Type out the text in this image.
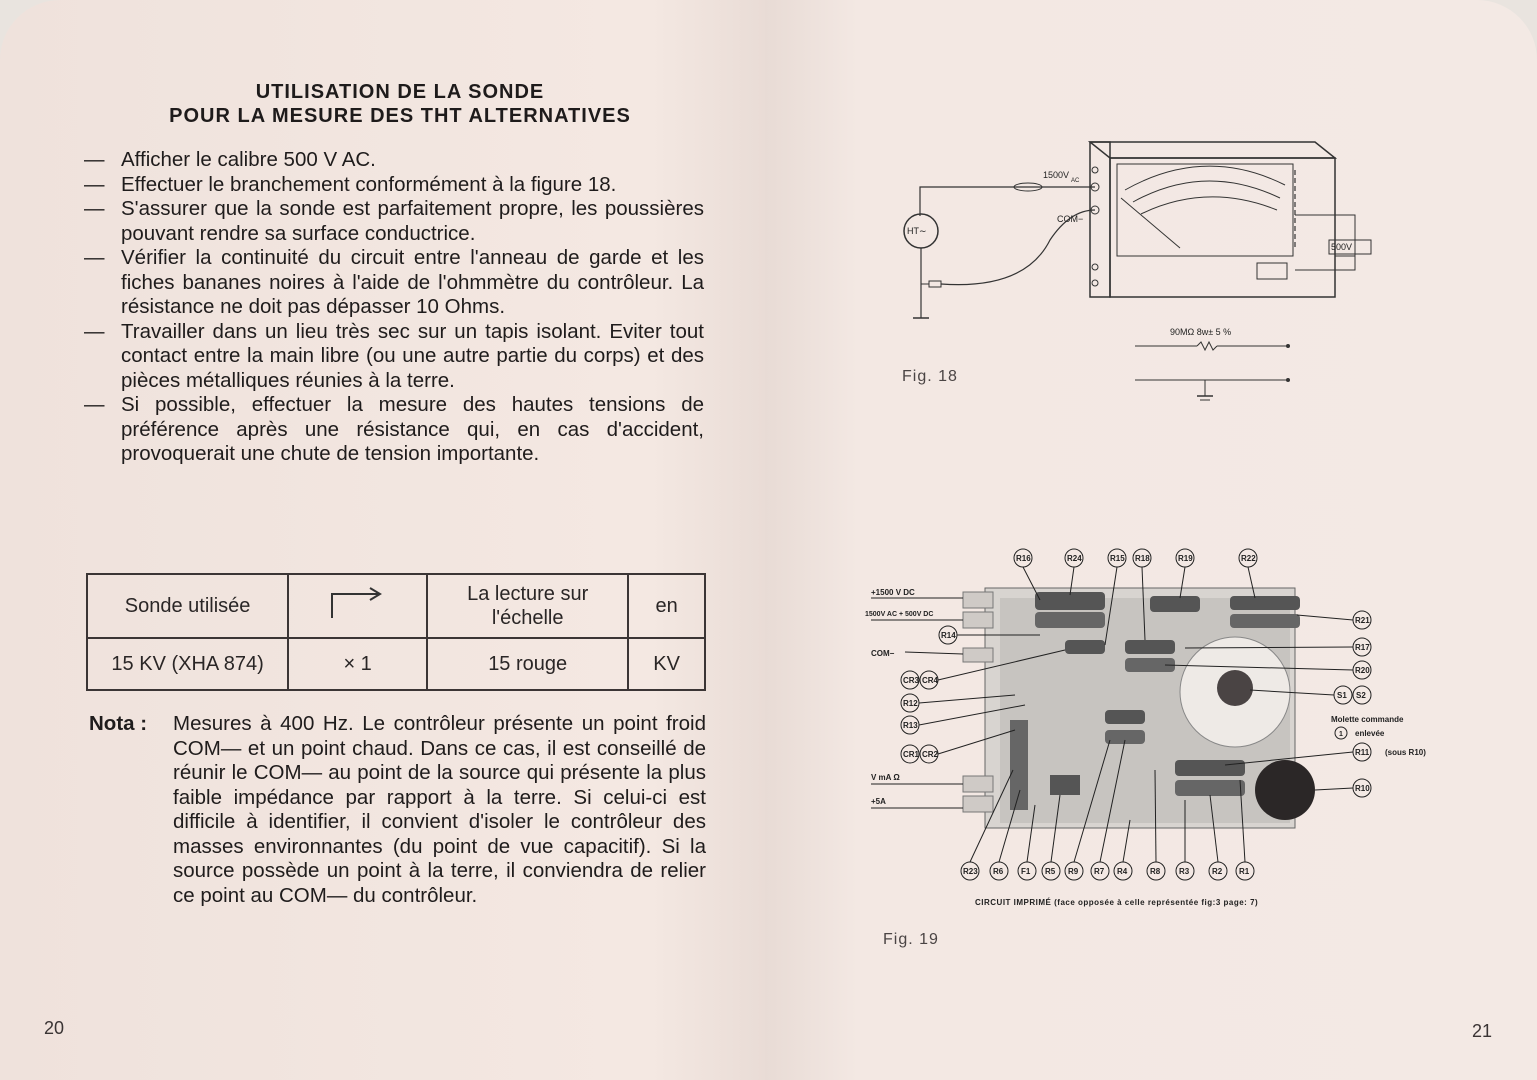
UTILISATION DE LA SONDE
POUR LA MESURE DES THT ALTERNATIVES
— Afficher le calibre 500 V AC.
— Effectuer le branchement conformément à la figure 18.
— S'assurer que la sonde est parfaitement propre, les poussières pouvant rendre sa surface conductrice.
— Vérifier la continuité du circuit entre l'anneau de garde et les fiches bananes noires à l'aide de l'ohmmètre du contrôleur. La résistance ne doit pas dépasser 10 Ohms.
— Travailler dans un lieu très sec sur un tapis isolant. Eviter tout contact entre la main libre (ou une autre partie du corps) et des pièces métalliques réunies à la terre.
— Si possible, effectuer la mesure des hautes tensions de préférence après une résistance qui, en cas d'accident, provoquerait une chute de tension importante.
Sonde utilisée		La lecture sur l'échelle	en
15 KV (XHA 874)	× 1	15 rouge	KV
Nota : Mesures à 400 Hz. Le contrôleur présente un point froid COM— et un point chaud. Dans ce cas, il est conseillé de réunir le COM— au point de la source qui présente la plus faible impédance par rapport à la terre. Si celui-ci est difficile à identifier, il convient d'isoler le contrôleur des masses environnantes (du point de vue capacitif). Si la source possède un point à la terre, il conviendra de relier ce point au COM— du contrôleur.
20
500V
1500V
AC
COM−
HT∼
90MΩ 8w± 5 %
Fig. 18
+1500 V DC
1500V AC + 500V DC
COM−
V mA Ω
+5A
Molette commande
enlevée
1
(sous R10)
R16	R24	R15 R18	R19	R22
R14
CR3 CR4
R12
R13
CR1 CR2
R21
R17
R20
S1 S2
R11
R10
R23 R6 F1 R5 R9 R7 R4	R8 R3	R2 R1
CIRCUIT IMPRIMÉ (face opposée à celle représentée fig:3 page: 7)
Fig. 19
21
